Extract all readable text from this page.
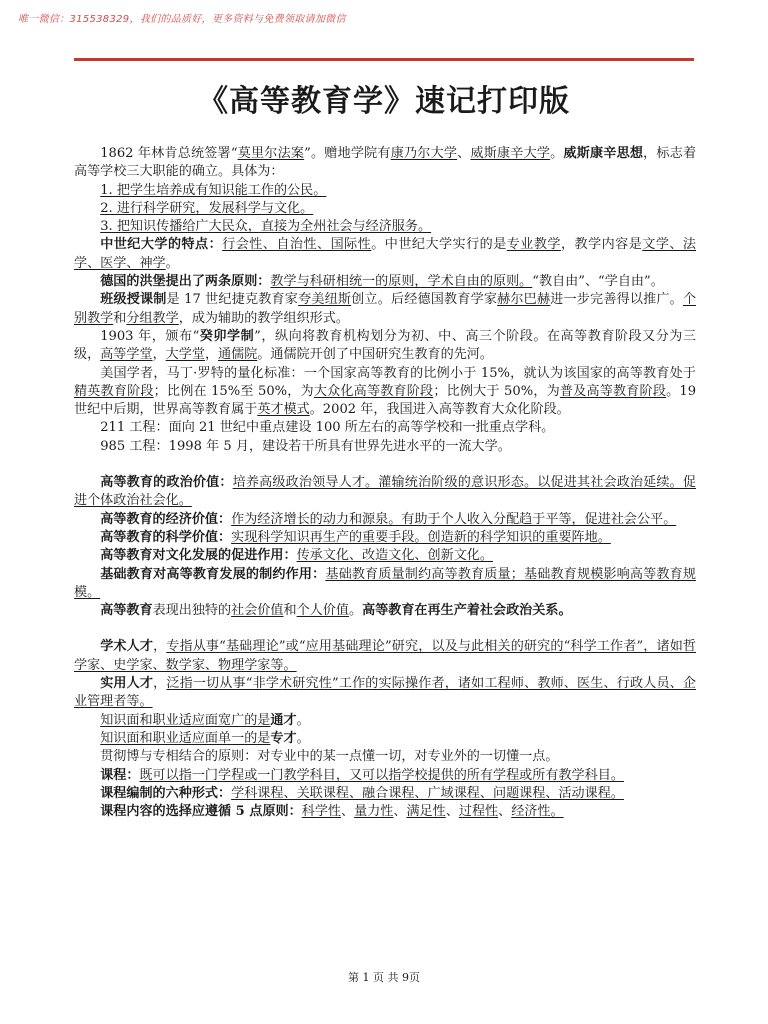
唯一微信：315538329，我们的品质好，更多资料与免费领取请加微信
《高等教育学》速记打印版

1862 年林肯总统签署“莫里尔法案”。赠地学院有康乃尔大学、威斯康辛大学。威斯康辛思想，标志着高等学校三大职能的确立。具体为：

1. 把学生培养成有知识能工作的公民。

2. 进行科学研究，发展科学与文化。

3. 把知识传播给广大民众，直接为全州社会与经济服务。

中世纪大学的特点：行会性、自治性、国际性。中世纪大学实行的是专业教学，教学内容是文学、法学、医学、神学。

德国的洪堡提出了两条原则：教学与科研相统一的原则，学术自由的原则。“教自由”、“学自由”。

班级授课制是 17 世纪捷克教育家夸美纽斯创立。后经德国教育学家赫尔巴赫进一步完善得以推广。个别教学和分组教学，成为辅助的教学组织形式。

1903 年，颁布“癸卯学制”，纵向将教育机构划分为初、中、高三个阶段。在高等教育阶段又分为三级，高等学堂，大学堂，通儒院。通儒院开创了中国研究生教育的先河。

美国学者，马丁·罗特的量化标准：一个国家高等教育的比例小于 15%，就认为该国家的高等教育处于精英教育阶段；比例在 15%至 50%，为大众化高等教育阶段；比例大于 50%，为普及高等教育阶段。19 世纪中后期，世界高等教育属于英才模式。2002 年，我国进入高等教育大众化阶段。

211 工程：面向 21 世纪中重点建设 100 所左右的高等学校和一批重点学科。

985 工程：1998 年 5 月，建设若干所具有世界先进水平的一流大学。

高等教育的政治价值：培养高级政治领导人才。灌输统治阶级的意识形态。以促进其社会政治延续。促进个体政治社会化。

高等教育的经济价值：作为经济增长的动力和源泉。有助于个人收入分配趋于平等，促进社会公平。

高等教育的科学价值：实现科学知识再生产的重要手段。创造新的科学知识的重要阵地。

高等教育对文化发展的促进作用：传承文化、改造文化、创新文化。

基础教育对高等教育发展的制约作用：基础教育质量制约高等教育质量；基础教育规模影响高等教育规模。

高等教育表现出独特的社会价值和个人价值。高等教育在再生产着社会政治关系。

学术人才，专指从事“基础理论”或“应用基础理论”研究，以及与此相关的研究的“科学工作者”，诸如哲学家、史学家、数学家、物理学家等。

实用人才，泛指一切从事“非学术研究性”工作的实际操作者，诸如工程师、教师、医生、行政人员、企业管理者等。

知识面和职业适应面宽广的是通才。

知识面和职业适应面单一的是专才。

贯彻博与专相结合的原则：对专业中的某一点懂一切，对专业外的一切懂一点。

课程：既可以指一门学程或一门教学科目，又可以指学校提供的所有学程或所有教学科目。

课程编制的六种形式：学科课程、关联课程、融合课程、广域课程、问题课程、活动课程。

课程内容的选择应遵循 5 点原则：科学性、量力性、满足性、过程性、经济性。

第 1 页 共 9页
